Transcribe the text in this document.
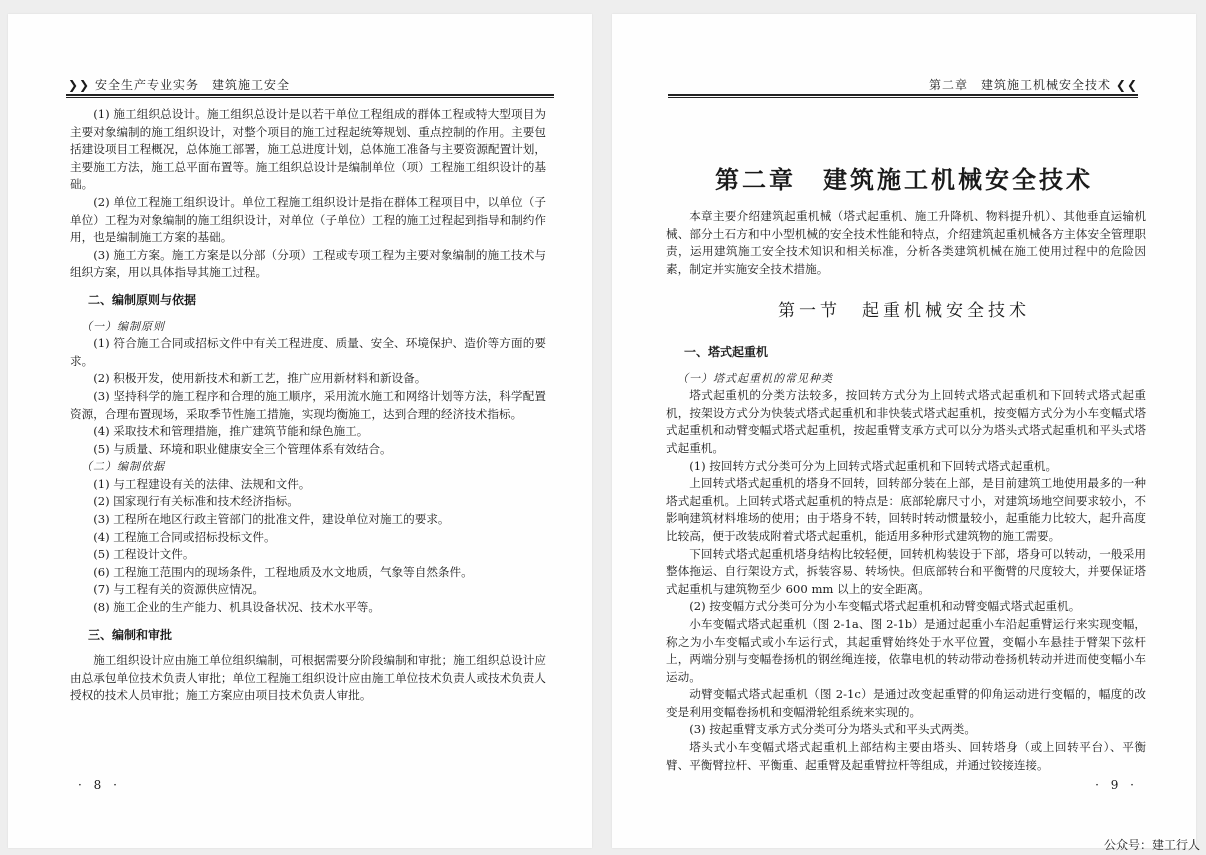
❯❯ 安全生产专业实务　建筑施工安全

(1) 施工组织总设计。施工组织总设计是以若干单位工程组成的群体工程或特大型项目为主要对象编制的施工组织设计，对整个项目的施工过程起统筹规划、重点控制的作用。主要包括建设项目工程概况，总体施工部署，施工总进度计划，总体施工准备与主要资源配置计划，主要施工方法，施工总平面布置等。施工组织总设计是编制单位（项）工程施工组织设计的基础。

(2) 单位工程施工组织设计。单位工程施工组织设计是指在群体工程项目中，以单位（子单位）工程为对象编制的施工组织设计，对单位（子单位）工程的施工过程起到指导和制约作用，也是编制施工方案的基础。

(3) 施工方案。施工方案是以分部（分项）工程或专项工程为主要对象编制的施工技术与组织方案，用以具体指导其施工过程。

二、编制原则与依据
（一）编制原则

(1) 符合施工合同或招标文件中有关工程进度、质量、安全、环境保护、造价等方面的要求。

(2) 积极开发，使用新技术和新工艺，推广应用新材料和新设备。

(3) 坚持科学的施工程序和合理的施工顺序，采用流水施工和网络计划等方法，科学配置资源，合理布置现场，采取季节性施工措施，实现均衡施工，达到合理的经济技术指标。

(4) 采取技术和管理措施，推广建筑节能和绿色施工。

(5) 与质量、环境和职业健康安全三个管理体系有效结合。

（二）编制依据

(1) 与工程建设有关的法律、法规和文件。

(2) 国家现行有关标准和技术经济指标。

(3) 工程所在地区行政主管部门的批准文件，建设单位对施工的要求。

(4) 工程施工合同或招标投标文件。

(5) 工程设计文件。

(6) 工程施工范围内的现场条件，工程地质及水文地质，气象等自然条件。

(7) 与工程有关的资源供应情况。

(8) 施工企业的生产能力、机具设备状况、技术水平等。

三、编制和审批

施工组织设计应由施工单位组织编制，可根据需要分阶段编制和审批；施工组织总设计应由总承包单位技术负责人审批；单位工程施工组织设计应由施工单位技术负责人或技术负责人授权的技术人员审批；施工方案应由项目技术负责人审批。

· 8 ·
第二章　建筑施工机械安全技术 ❮❮
第二章　建筑施工机械安全技术

本章主要介绍建筑起重机械（塔式起重机、施工升降机、物料提升机）、其他垂直运输机械、部分土石方和中小型机械的安全技术性能和特点，介绍建筑起重机械各方主体安全管理职责，运用建筑施工安全技术知识和相关标准，分析各类建筑机械在施工使用过程中的危险因素，制定并实施安全技术措施。

第一节　起重机械安全技术
一、塔式起重机
（一）塔式起重机的常见种类

塔式起重机的分类方法较多，按回转方式分为上回转式塔式起重机和下回转式塔式起重机，按架设方式分为快装式塔式起重机和非快装式塔式起重机，按变幅方式分为小车变幅式塔式起重机和动臂变幅式塔式起重机，按起重臂支承方式可以分为塔头式塔式起重机和平头式塔式起重机。

(1) 按回转方式分类可分为上回转式塔式起重机和下回转式塔式起重机。

上回转式塔式起重机的塔身不回转，回转部分装在上部，是目前建筑工地使用最多的一种塔式起重机。上回转式塔式起重机的特点是：底部轮廓尺寸小，对建筑场地空间要求较小，不影响建筑材料堆场的使用；由于塔身不转，回转时转动惯量较小，起重能力比较大，起升高度比较高，便于改装成附着式塔式起重机，能适用多种形式建筑物的施工需要。

下回转式塔式起重机塔身结构比较轻便，回转机构装设于下部，塔身可以转动，一般采用整体拖运、自行架设方式，拆装容易、转场快。但底部转台和平衡臂的尺度较大，并要保证塔式起重机与建筑物至少 600 mm 以上的安全距离。

(2) 按变幅方式分类可分为小车变幅式塔式起重机和动臂变幅式塔式起重机。

小车变幅式塔式起重机（图 2-1a、图 2-1b）是通过起重小车沿起重臂运行来实现变幅，称之为小车变幅式或小车运行式，其起重臂始终处于水平位置，变幅小车悬挂于臂架下弦杆上，两端分别与变幅卷扬机的钢丝绳连接，依靠电机的转动带动卷扬机转动并进而使变幅小车运动。

动臂变幅式塔式起重机（图 2-1c）是通过改变起重臂的仰角运动进行变幅的，幅度的改变是利用变幅卷扬机和变幅滑轮组系统来实现的。

(3) 按起重臂支承方式分类可分为塔头式和平头式两类。

塔头式小车变幅式塔式起重机上部结构主要由塔头、回转塔身（或上回转平台）、平衡臂、平衡臂拉杆、平衡重、起重臂及起重臂拉杆等组成，并通过铰接连接。

· 9 ·
公众号：建工行人
